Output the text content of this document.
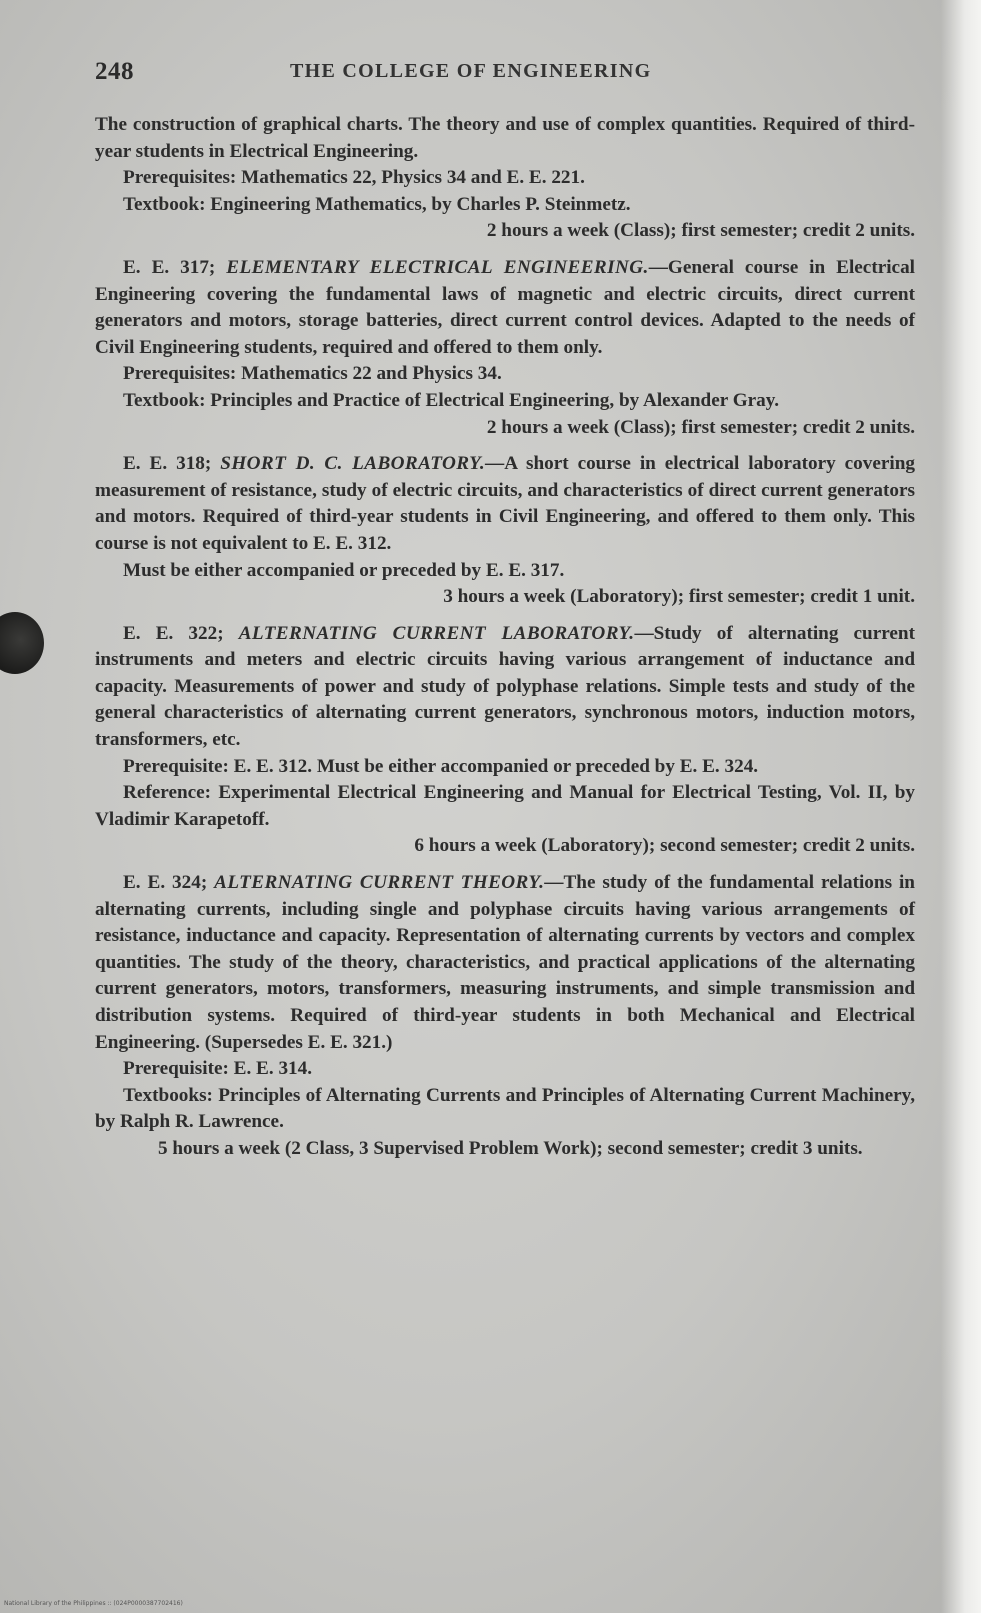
248	THE COLLEGE OF ENGINEERING

The construction of graphical charts. The theory and use of complex quantities. Required of third-year students in Electrical Engineering.

Prerequisites: Mathematics 22, Physics 34 and E. E. 221.

Textbook: Engineering Mathematics, by Charles P. Steinmetz.

2 hours a week (Class); first semester; credit 2 units.

E. E. 317; ELEMENTARY ELECTRICAL ENGINEERING.—General course in Electrical Engineering covering the fundamental laws of magnetic and electric circuits, direct current generators and motors, storage batteries, direct current control devices. Adapted to the needs of Civil Engineering students, required and offered to them only.

Prerequisites: Mathematics 22 and Physics 34.

Textbook: Principles and Practice of Electrical Engineering, by Alexander Gray.

2 hours a week (Class); first semester; credit 2 units.

E. E. 318; SHORT D. C. LABORATORY.—A short course in electrical laboratory covering measurement of resistance, study of electric circuits, and characteristics of direct current generators and motors. Required of third-year students in Civil Engineering, and offered to them only. This course is not equivalent to E. E. 312.

Must be either accompanied or preceded by E. E. 317.

3 hours a week (Laboratory); first semester; credit 1 unit.

E. E. 322; ALTERNATING CURRENT LABORATORY.—Study of alternating current instruments and meters and electric circuits having various arrangement of inductance and capacity. Measurements of power and study of polyphase relations. Simple tests and study of the general characteristics of alternating current generators, synchronous motors, induction motors, transformers, etc.

Prerequisite: E. E. 312. Must be either accompanied or preceded by E. E. 324.

Reference: Experimental Electrical Engineering and Manual for Electrical Testing, Vol. II, by Vladimir Karapetoff.

6 hours a week (Laboratory); second semester; credit 2 units.

E. E. 324; ALTERNATING CURRENT THEORY.—The study of the fundamental relations in alternating currents, including single and polyphase circuits having various arrangements of resistance, inductance and capacity. Representation of alternating currents by vectors and complex quantities. The study of the theory, characteristics, and practical applications of the alternating current generators, motors, transformers, measuring instruments, and simple transmission and distribution systems. Required of third-year students in both Mechanical and Electrical Engineering. (Supersedes E. E. 321.)

Prerequisite: E. E. 314.

Textbooks: Principles of Alternating Currents and Principles of Alternating Current Machinery, by Ralph R. Lawrence.

5 hours a week (2 Class, 3 Supervised Problem Work); second semester; credit 3 units.

National Library of the Philippines :: (024P0000387702416)
